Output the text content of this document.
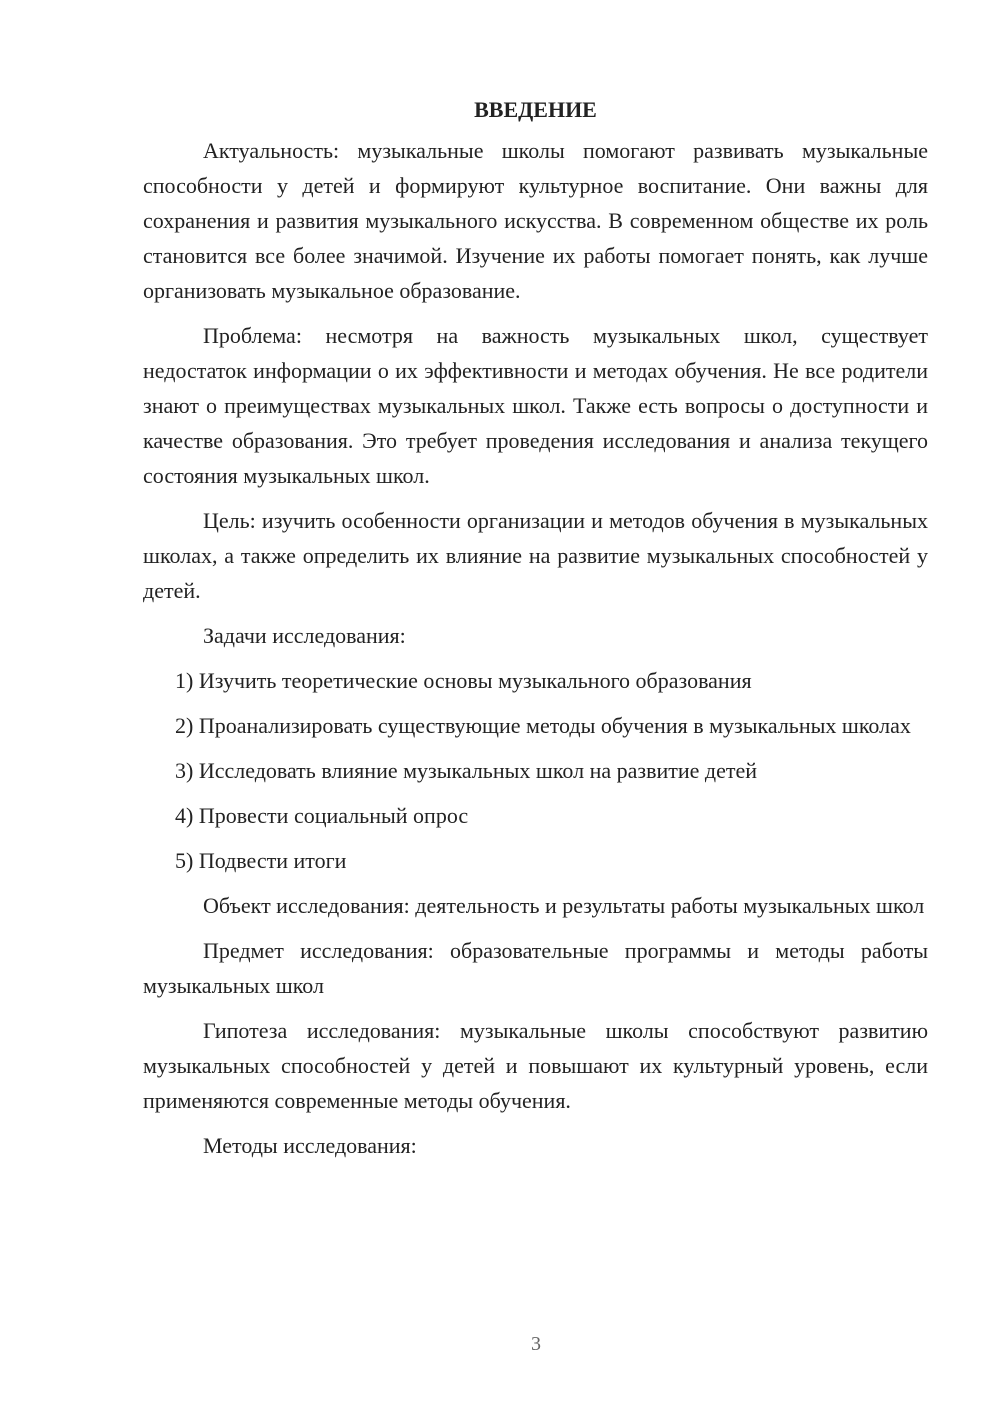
ВВЕДЕНИЕ

Актуальность: музыкальные школы помогают развивать музыкальные способности у детей и формируют культурное воспитание. Они важны для сохранения и развития музыкального искусства. В современном обществе их роль становится все более значимой. Изучение их работы помогает понять, как лучше организовать музыкальное образование.

Проблема: несмотря на важность музыкальных школ, существует недостаток информации о их эффективности и методах обучения. Не все родители знают о преимуществах музыкальных школ. Также есть вопросы о доступности и качестве образования. Это требует проведения исследования и анализа текущего состояния музыкальных школ.

Цель: изучить особенности организации и методов обучения в музыкальных школах, а также определить их влияние на развитие музыкальных способностей у детей.

Задачи исследования:

1) Изучить теоретические основы музыкального образования

2) Проанализировать существующие методы обучения в музыкальных школах

3) Исследовать влияние музыкальных школ на развитие детей

4) Провести социальный опрос

5) Подвести итоги

Объект исследования: деятельность и результаты работы музыкальных школ

Предмет исследования: образовательные программы и методы работы музыкальных школ

Гипотеза исследования: музыкальные школы способствуют развитию музыкальных способностей у детей и повышают их культурный уровень, если применяются современные методы обучения.

Методы исследования:

3
